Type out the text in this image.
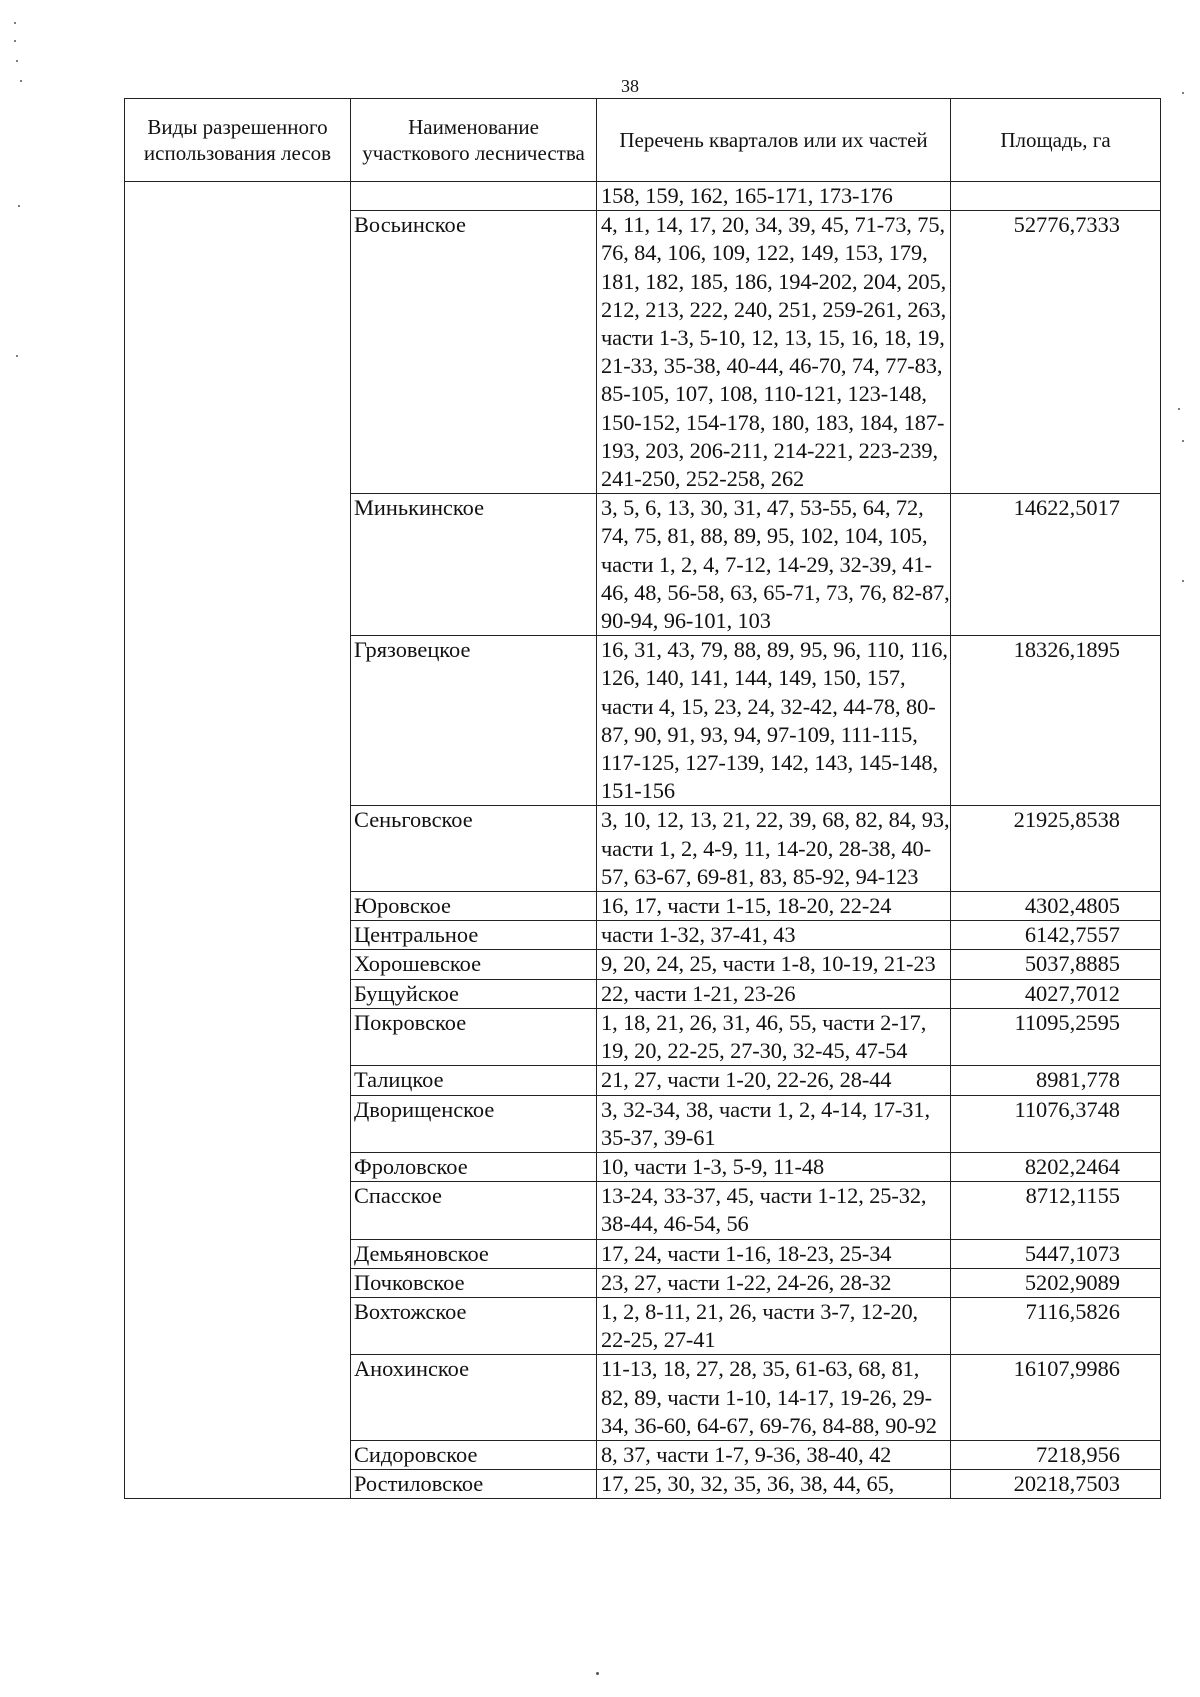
38
Виды разрешенного использования лесов	Наименование участкового лесничества	Перечень кварталов или их частей	Площадь, га
		158, 159, 162, 165-171, 173-176	
	Восьинское	4, 11, 14, 17, 20, 34, 39, 45, 71-73, 75, 76, 84, 106, 109, 122, 149, 153, 179, 181, 182, 185, 186, 194-202, 204, 205, 212, 213, 222, 240, 251, 259-261, 263, части 1-3, 5-10, 12, 13, 15, 16, 18, 19, 21-33, 35-38, 40-44, 46-70, 74, 77-83, 85-105, 107, 108, 110-121, 123-148, 150-152, 154-178, 180, 183, 184, 187-193, 203, 206-211, 214-221, 223-239, 241-250, 252-258, 262	52776,7333
	Минькинское	3, 5, 6, 13, 30, 31, 47, 53-55, 64, 72, 74, 75, 81, 88, 89, 95, 102, 104, 105, части 1, 2, 4, 7-12, 14-29, 32-39, 41-46, 48, 56-58, 63, 65-71, 73, 76, 82-87, 90-94, 96-101, 103	14622,5017
	Грязовецкое	16, 31, 43, 79, 88, 89, 95, 96, 110, 116, 126, 140, 141, 144, 149, 150, 157, части 4, 15, 23, 24, 32-42, 44-78, 80-87, 90, 91, 93, 94, 97-109, 111-115, 117-125, 127-139, 142, 143, 145-148, 151-156	18326,1895
	Сеньговское	3, 10, 12, 13, 21, 22, 39, 68, 82, 84, 93, части 1, 2, 4-9, 11, 14-20, 28-38, 40-57, 63-67, 69-81, 83, 85-92, 94-123	21925,8538
	Юровское	16, 17, части 1-15, 18-20, 22-24	4302,4805
	Центральное	части 1-32, 37-41, 43	6142,7557
	Хорошевское	9, 20, 24, 25, части 1-8, 10-19, 21-23	5037,8885
	Бущуйское	22, части 1-21, 23-26	4027,7012
	Покровское	1, 18, 21, 26, 31, 46, 55, части 2-17, 19, 20, 22-25, 27-30, 32-45, 47-54	11095,2595
	Талицкое	21, 27, части 1-20, 22-26, 28-44	8981,778
	Дворищенское	3, 32-34, 38, части 1, 2, 4-14, 17-31, 35-37, 39-61	11076,3748
	Фроловское	10, части 1-3, 5-9, 11-48	8202,2464
	Спасское	13-24, 33-37, 45, части 1-12, 25-32, 38-44, 46-54, 56	8712,1155
	Демьяновское	17, 24, части 1-16, 18-23, 25-34	5447,1073
	Почковское	23, 27, части 1-22, 24-26, 28-32	5202,9089
	Вохтожское	1, 2, 8-11, 21, 26, части 3-7, 12-20, 22-25, 27-41	7116,5826
	Анохинское	11-13, 18, 27, 28, 35, 61-63, 68, 81, 82, 89, части 1-10, 14-17, 19-26, 29-34, 36-60, 64-67, 69-76, 84-88, 90-92	16107,9986
	Сидоровское	8, 37, части 1-7, 9-36, 38-40, 42	7218,956
	Ростиловское	17, 25, 30, 32, 35, 36, 38, 44, 65,	20218,7503
